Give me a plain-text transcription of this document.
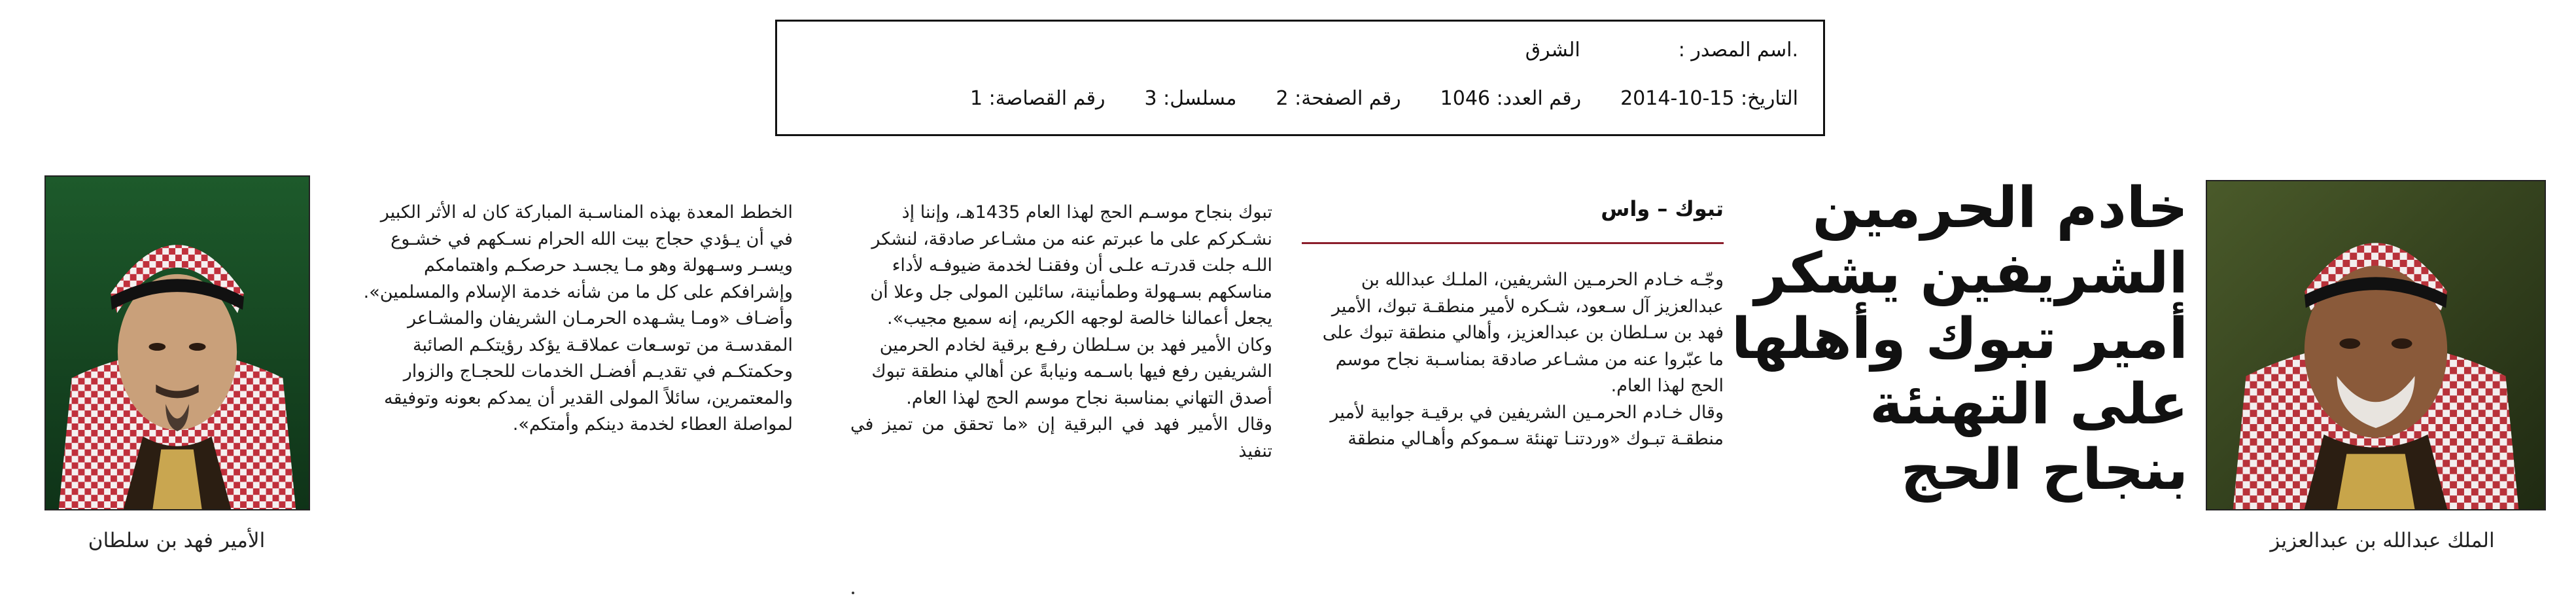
.اسم المصدر :الشرق
التاريخ: 15-10-2014
رقم العدد: 1046
رقم الصفحة: 2
مسلسل: 3
رقم القصاصة: 1
الملك عبدالله بن عبدالعزيز
خادم الحرمين
الشريفين يشكر
أمير تبوك وأهلها
على التهنئة
بنجاح الحج
تبوك – واس

وجّـه خـادم الحرمـين الشريفين، الملـك عبدالله بن

عبدالعزيز آل سـعود، شـكره لأمير منطقـة تبوك، الأمير

فهد بن سـلطان بن عبدالعزيز، وأهالي منطقة تبوك على

ما عبّروا عنه من مشـاعر صادقة بمناسـبة نجاح موسم

الحج لهذا العام.

وقال خـادم الحرمـين الشريفين في برقيـة جوابية لأمير

منطقـة تبـوك «وردتنـا تهنئة سـموكم وأهـالي منطقة

تبوك بنجاح موسـم الحج لهذا العام 1435هـ، وإننا إذ

نشـكركم على ما عبرتم عنه من مشـاعر صادقة، لنشكر

اللـه جلت قدرتـه علـى أن وفقنـا لخدمة ضيوفـه لأداء

مناسكهم بسـهولة وطمأنينة، سائلين المولى جل وعلا أن

يجعل أعمالنا خالصة لوجهه الكريم، إنه سميع مجيب».

وكان الأمير فهد بن سـلطان رفـع برقية لخادم الحرمين

الشريفين رفع فيها باسـمه ونيابةً عن أهالي منطقة تبوك

أصدق التهاني بمناسبة نجاح موسم الحج لهذا العام.

وقال الأمير فهد في البرقية إن «ما تحقق من تميز في تنفيذ

الخطط المعدة بهذه المناسـبة المباركة كان له الأثر الكبير

في أن يـؤدي حجاج بيت الله الحرام نسـكهم في خشـوع

ويسـر وسـهولة وهو مـا يجسـد حرصكـم واهتمامكم

وإشرافكم على كل ما من شأنه خدمة الإسلام والمسلمين».

وأضـاف «ومـا يشـهده الحرمـان الشريفان والمشـاعر

المقدسـة من توسـعات عملاقـة يؤكد رؤيتكـم الصائبة

وحكمتكـم في تقديـم أفضـل الخدمات للحجـاج والزوار

والمعتمرين، سائلاً المولى القدير أن يمدكم بعونه وتوفيقه

لمواصلة العطاء لخدمة دينكم وأمتكم».

الأمير فهد بن سلطان
